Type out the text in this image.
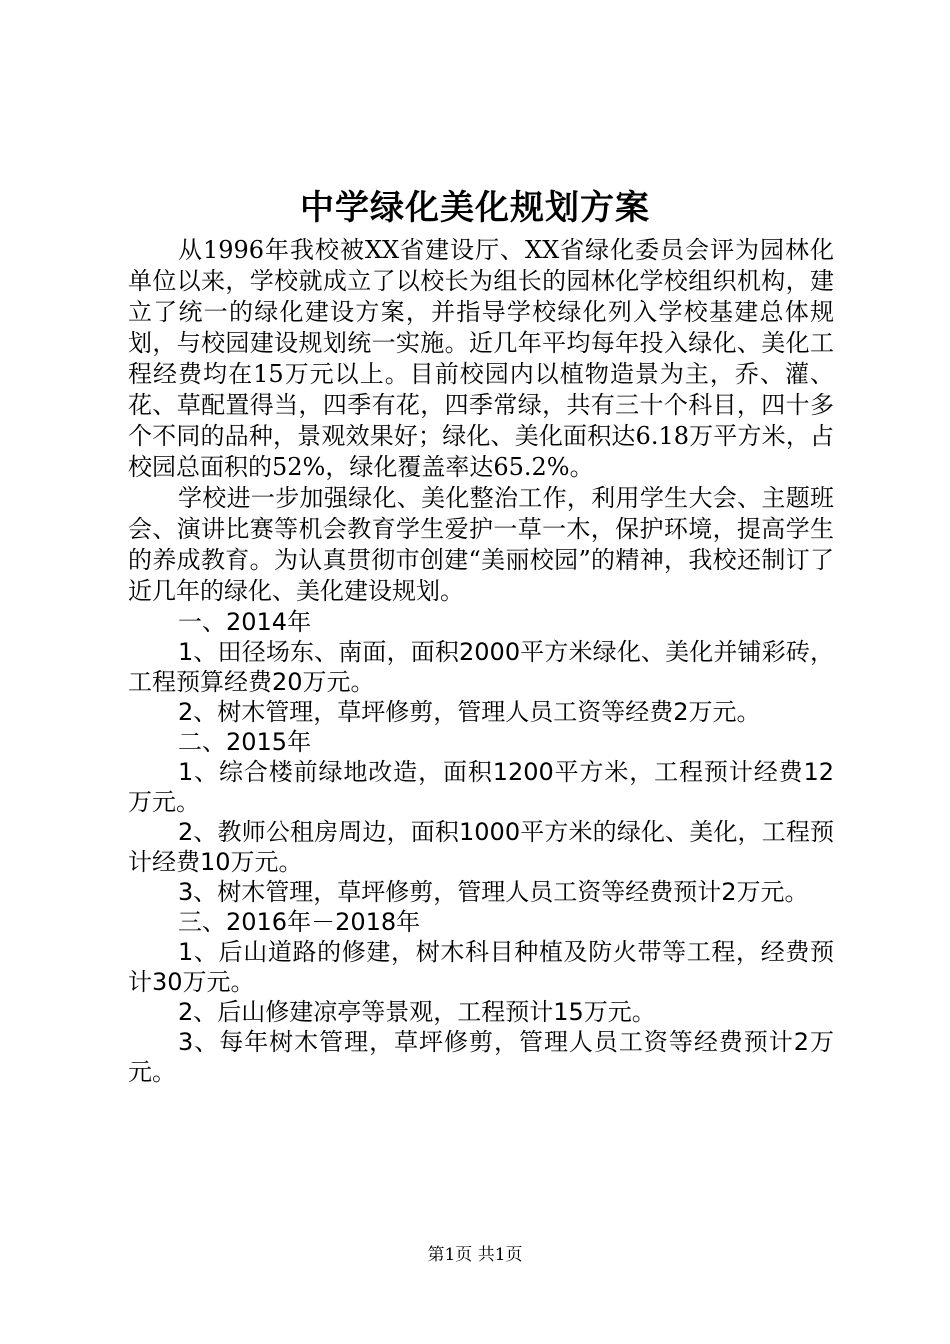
中学绿化美化规划方案

从1996年我校被XX省建设厅、XX省绿化委员会评为园林化单位以来，学校就成立了以校长为组长的园林化学校组织机构，建立了统一的绿化建设方案，并指导学校绿化列入学校基建总体规划，与校园建设规划统一实施。近几年平均每年投入绿化、美化工程经费均在15万元以上。目前校园内以植物造景为主，乔、灌、花、草配置得当，四季有花，四季常绿，共有三十个科目，四十多个不同的品种，景观效果好；绿化、美化面积达6.18万平方米，占校园总面积的52%，绿化覆盖率达65.2%。

学校进一步加强绿化、美化整治工作，利用学生大会、主题班会、演讲比赛等机会教育学生爱护一草一木，保护环境，提高学生的养成教育。为认真贯彻市创建“美丽校园”的精神，我校还制订了近几年的绿化、美化建设规划。

一、2014年

1、田径场东、南面，面积2000平方米绿化、美化并铺彩砖，工程预算经费20万元。

2、树木管理，草坪修剪，管理人员工资等经费2万元。

二、2015年

1、综合楼前绿地改造，面积1200平方米，工程预计经费12万元。

2、教师公租房周边，面积1000平方米的绿化、美化，工程预计经费10万元。

3、树木管理，草坪修剪，管理人员工资等经费预计2万元。

三、2016年－2018年

1、后山道路的修建，树木科目种植及防火带等工程，经费预计30万元。

2、后山修建凉亭等景观，工程预计15万元。

3、每年树木管理，草坪修剪，管理人员工资等经费预计2万元。

第1页 共1页
